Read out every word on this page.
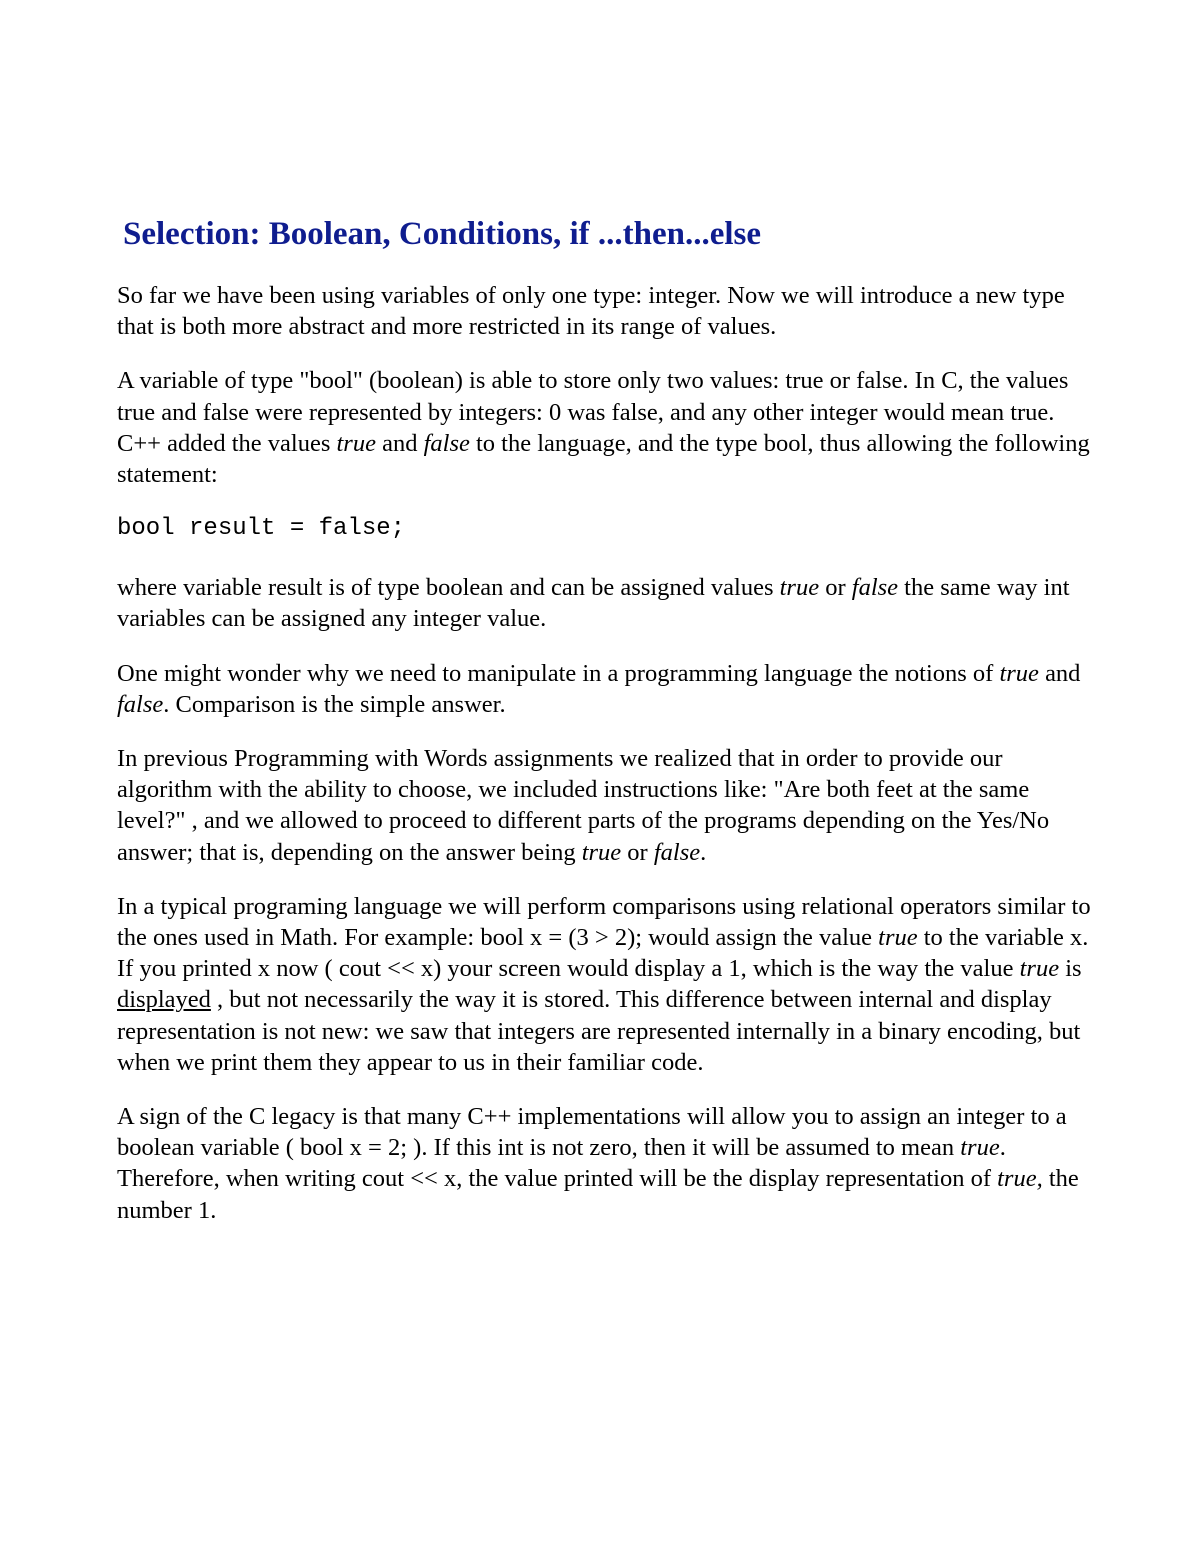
Selection: Boolean, Conditions, if ...then...else

So far we have been using variables of only one type: integer. Now we will introduce a new type that is both more abstract and more restricted in its range of values.

A variable of type "bool" (boolean) is able to store only two values: true or false. In C, the values true and false were represented by integers: 0 was false, and any other integer would mean true. C++ added the values true and false to the language, and the type bool, thus allowing the following statement:

bool result = false;

where variable result is of type boolean and can be assigned values true or false the same way int variables can be assigned any integer value.

One might wonder why we need to manipulate in a programming language the notions of true and false. Comparison is the simple answer.

In previous Programming with Words assignments we realized that in order to provide our algorithm with the ability to choose, we included instructions like: "Are both feet at the same level?" , and we allowed to proceed to different parts of the programs depending on the Yes/No answer; that is, depending on the answer being true or false.

In a typical programing language we will perform comparisons using relational operators similar to the ones used in Math. For example: bool x = (3 > 2); would assign the value true to the variable x. If you printed x now ( cout << x) your screen would display a 1, which is the way the value true is displayed , but not necessarily the way it is stored. This difference between internal and display representation is not new: we saw that integers are represented internally in a binary encoding, but when we print them they appear to us in their familiar code.

A sign of the C legacy is that many C++ implementations will allow you to assign an integer to a boolean variable ( bool x = 2; ). If this int is not zero, then it will be assumed to mean true. Therefore, when writing cout << x, the value printed will be the display representation of true, the number 1.
